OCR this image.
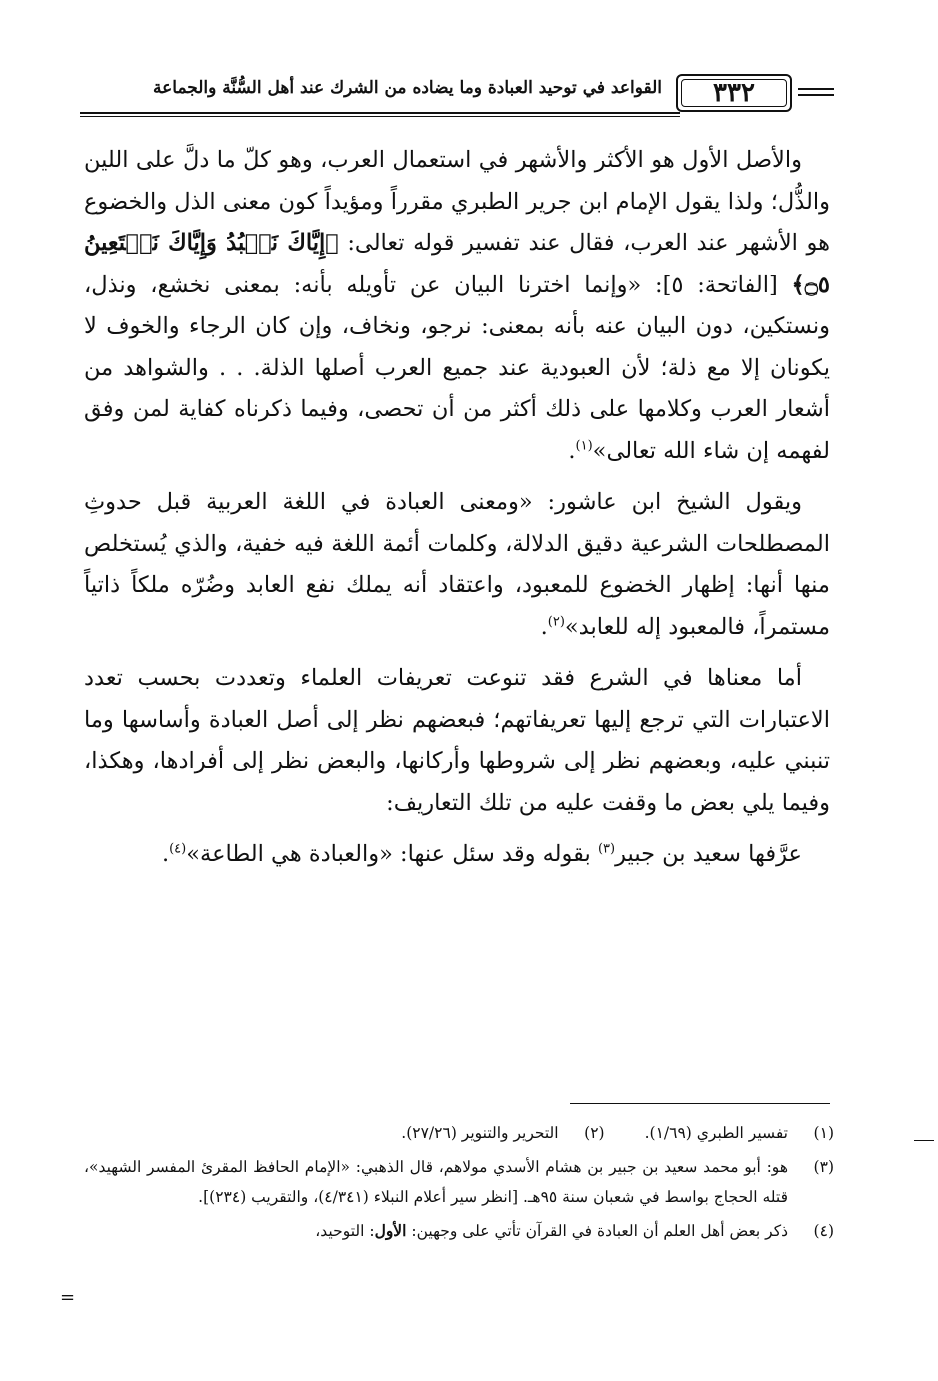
٣٣٢
القواعد في توحيد العبادة وما يضاده من الشرك عند أهل السُّنَّة والجماعة

والأصل الأول هو الأكثر والأشهر في استعمال العرب، وهو كلّ ما دلَّ على اللين والذُّل؛ ولذا يقول الإمام ابن جرير الطبري مقرراً ومؤيداً كون معنى الذل والخضوع هو الأشهر عند العرب، فقال عند تفسير قوله تعالى: ﴿إِيَّاكَ نَعۡبُدُ وَإِيَّاكَ نَسۡتَعِينُ ۝٥﴾ [الفاتحة: ٥]: «وإنما اخترنا البيان عن تأويله بأنه: بمعنى نخشع، ونذل، ونستكين، دون البيان عنه بأنه بمعنى: نرجو، ونخاف، وإن كان الرجاء والخوف لا يكونان إلا مع ذلة؛ لأن العبودية عند جميع العرب أصلها الذلة. . . والشواهد من أشعار العرب وكلامها على ذلك أكثر من أن تحصى، وفيما ذكرناه كفاية لمن وفق لفهمه إن شاء الله تعالى»$^{(١)}$.

ويقول الشيخ ابن عاشور: «ومعنى العبادة في اللغة العربية قبل حدوثِ المصطلحات الشرعية دقيق الدلالة، وكلمات أئمة اللغة فيه خفية، والذي يُستخلص منها أنها: إظهار الخضوع للمعبود، واعتقاد أنه يملك نفع العابد وضُرّه ملكاً ذاتياً مستمراً، فالمعبود إله للعابد»$^{(٢)}$.

أما معناها في الشرع فقد تنوعت تعريفات العلماء وتعددت بحسب تعدد الاعتبارات التي ترجع إليها تعريفاتهم؛ فبعضهم نظر إلى أصل العبادة وأساسها وما تنبني عليه، وبعضهم نظر إلى شروطها وأركانها، والبعض نظر إلى أفرادها، وهكذا، وفيما يلي بعض ما وقفت عليه من تلك التعاريف:

عرَّفها سعيد بن جبير$^{(٣)}$ بقوله وقد سئل عنها: «والعبادة هي الطاعة»$^{(٤)}$.

(١)
تفسير الطبري (١/٦٩).
(٢)
التحرير والتنوير (٢٧/٢٦).
(٣)
هو: أبو محمد سعيد بن جبير بن هشام الأسدي مولاهم، قال الذهبي: «الإمام الحافظ المقرئ المفسر الشهيد»، قتله الحجاج بواسط في شعبان سنة ٩٥هـ. [انظر سير أعلام النبلاء (٤/٣٤١)، والتقريب (٢٣٤)].
(٤)
ذكر بعض أهل العلم أن العبادة في القرآن تأتي على وجهين: الأول: التوحيد،
=
